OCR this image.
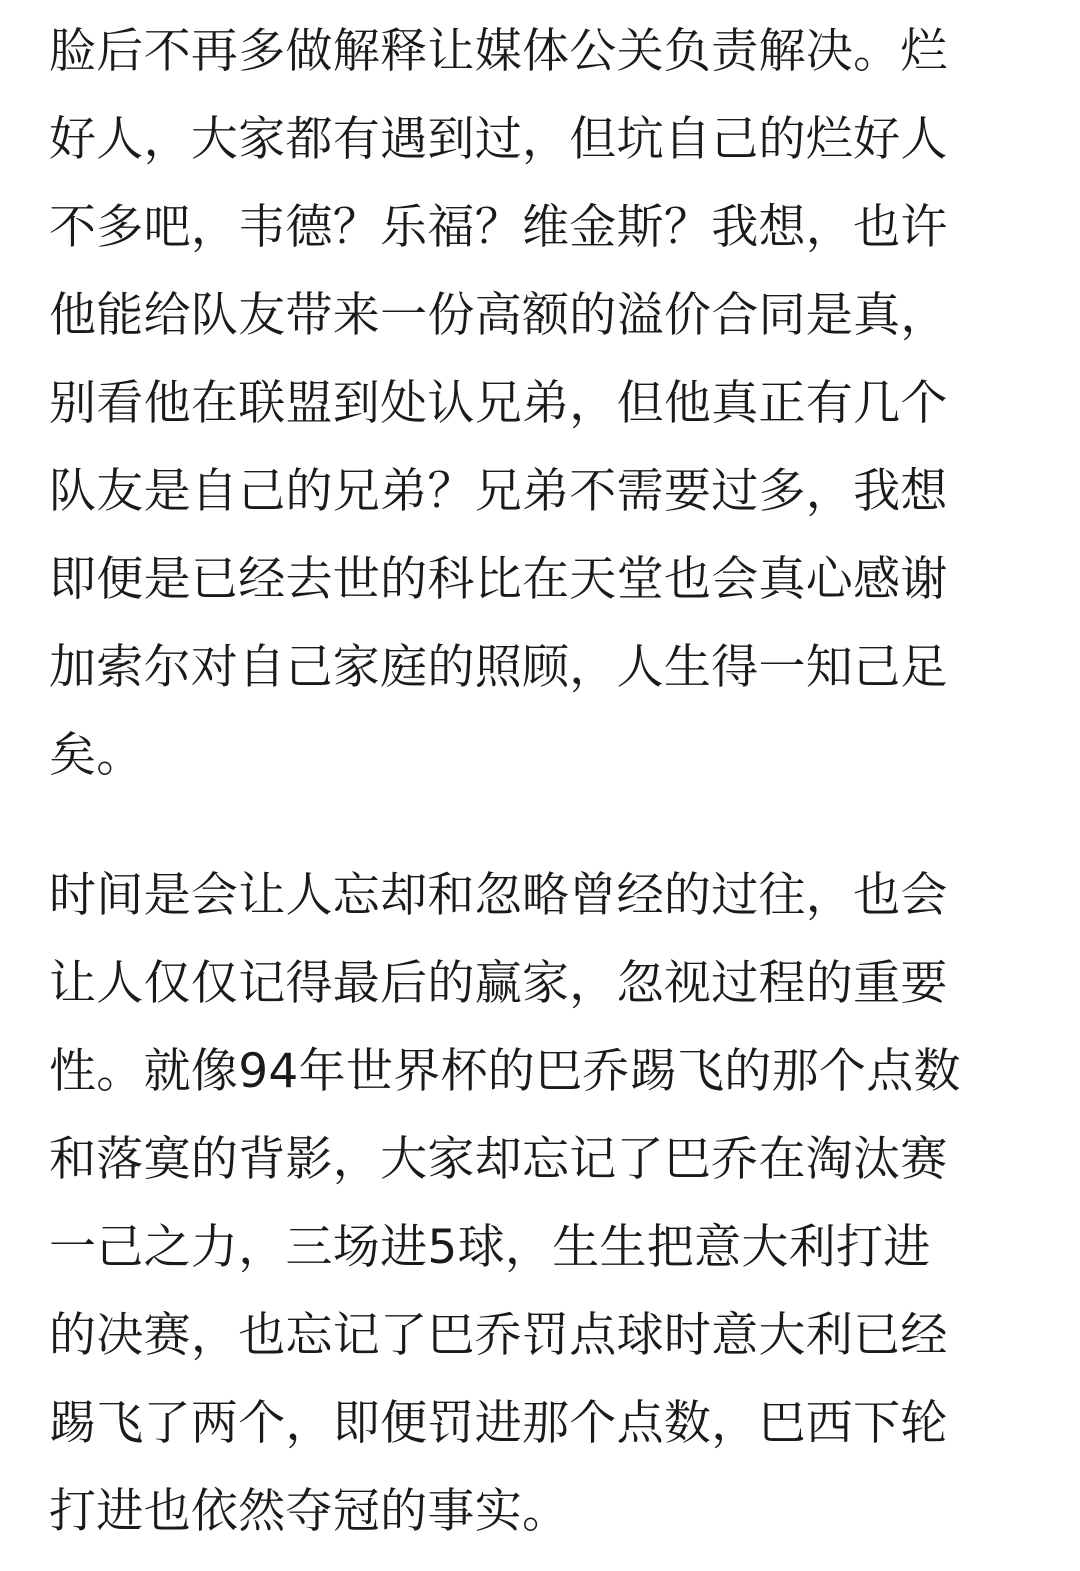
脸后不再多做解释让媒体公关负责解决。烂
好人，大家都有遇到过，但坑自己的烂好人
不多吧，韦德？乐福？维金斯？我想，也许
他能给队友带来一份高额的溢价合同是真，
别看他在联盟到处认兄弟，但他真正有几个
队友是自己的兄弟？兄弟不需要过多，我想
即便是已经去世的科比在天堂也会真心感谢
加索尔对自己家庭的照顾，人生得一知己足
矣。
时间是会让人忘却和忽略曾经的过往，也会
让人仅仅记得最后的赢家，忽视过程的重要
性。就像94年世界杯的巴乔踢飞的那个点数
和落寞的背影，大家却忘记了巴乔在淘汰赛
一己之力，三场进5球，生生把意大利打进
的决赛，也忘记了巴乔罚点球时意大利已经
踢飞了两个，即便罚进那个点数，巴西下轮
打进也依然夺冠的事实。
